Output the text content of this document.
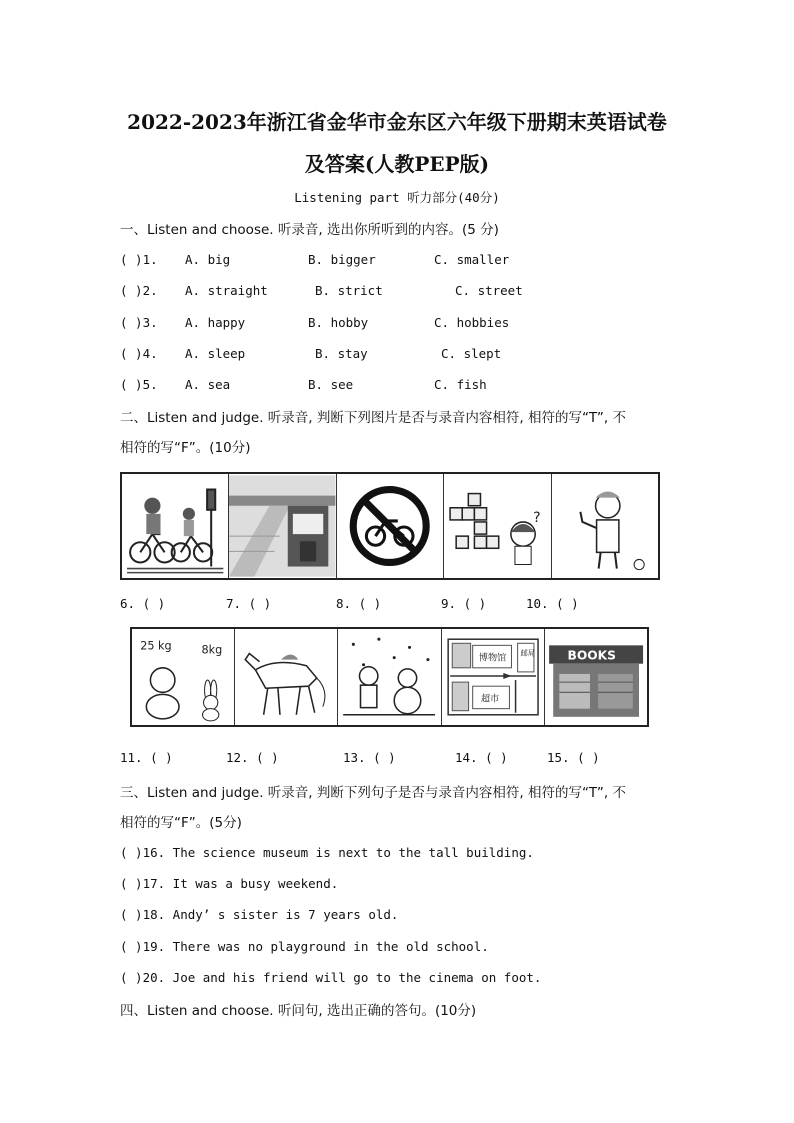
2022-2023年浙江省金华市金东区六年级下册期末英语试卷
及答案(人教PEP版)
Listening part 听力部分(40分)
一、Listen and choose. 听录音, 选出你所听到的内容。(5 分)
( )1. A. big	B. bigger	C. smaller
( )2. A. straight	B. strict	C. street
( )3. A. happy	B. hobby	C. hobbies
( )4. A. sleep	B. stay	C. slept
( )5. A. sea	B. see	C. fish
二、Listen and judge. 听录音, 判断下列图片是否与录音内容相符, 相符的写“T”, 不
相符的写“F”。(10分)
?
6. ( )	7. ( )	8. ( )	9. ( )	10. ( )
25 kg	8kg
博物馆 邮局
超市
BOOKS
11. ( )	12. ( )	13. ( )	14. ( )	15. ( )
三、Listen and judge. 听录音, 判断下列句子是否与录音内容相符, 相符的写“T”, 不
相符的写“F”。(5分)
( )16. The science museum is next to the tall building.
( )17. It was a busy weekend.
( )18. Andy’ s sister is 7 years old.
( )19. There was no playground in the old school.
( )20. Joe and his friend will go to the cinema on foot.
四、Listen and choose. 听问句, 选出正确的答句。(10分)
